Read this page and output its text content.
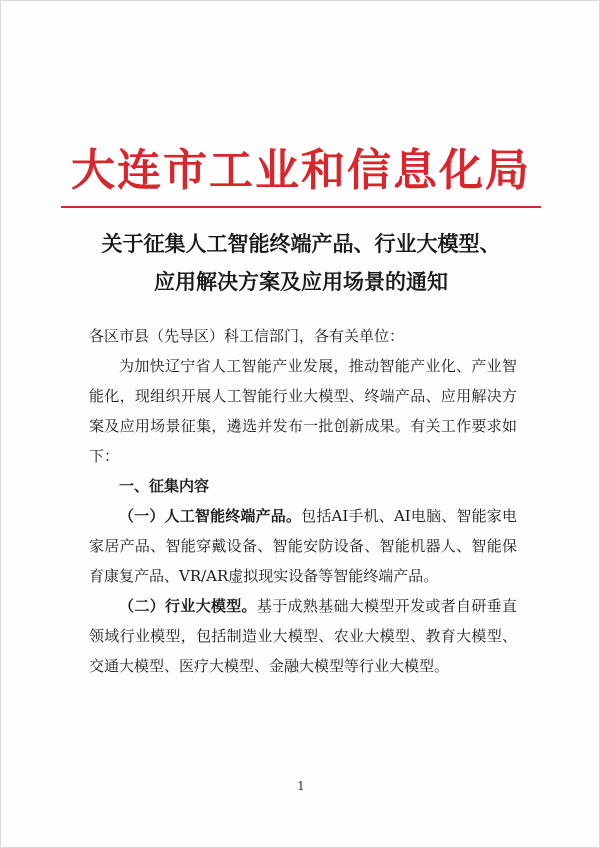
大连市工业和信息化局
关于征集人工智能终端产品、行业大模型、
应用解决方案及应用场景的通知

各区市县（先导区）科工信部门，各有关单位：

为加快辽宁省人工智能产业发展，推动智能产业化、产业智能化，现组织开展人工智能行业大模型、终端产品、应用解决方案及应用场景征集，遴选并发布一批创新成果。有关工作要求如下：

一、征集内容

（一）人工智能终端产品。包括AI手机、AI电脑、智能家电家居产品、智能穿戴设备、智能安防设备、智能机器人、智能保育康复产品、VR/AR虚拟现实设备等智能终端产品。

（二）行业大模型。基于成熟基础大模型开发或者自研垂直领域行业模型，包括制造业大模型、农业大模型、教育大模型、交通大模型、医疗大模型、金融大模型等行业大模型。

1
